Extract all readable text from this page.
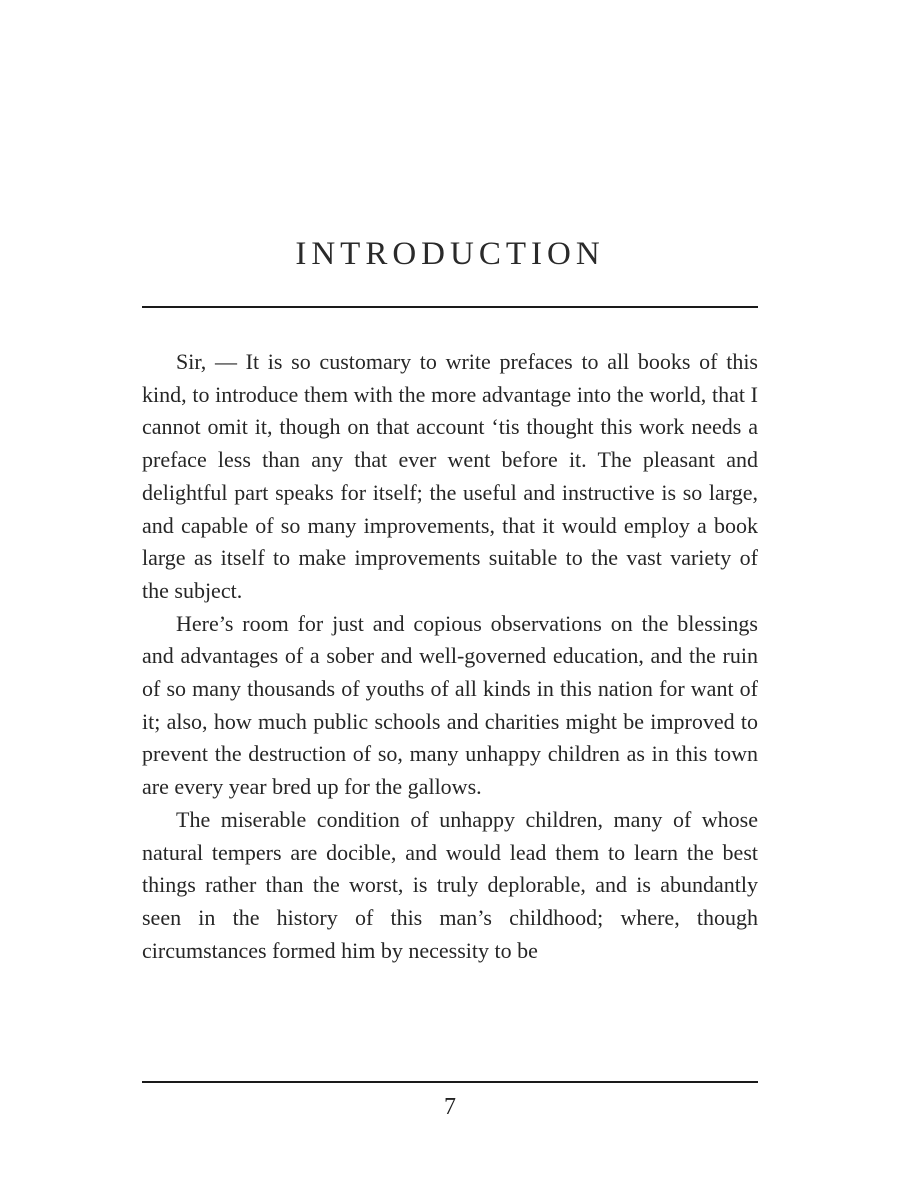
INTRODUCTION

Sir, — It is so customary to write prefaces to all books of this kind, to introduce them with the more advantage into the world, that I cannot omit it, though on that account ‘tis thought this work needs a preface less than any that ever went before it. The pleasant and delightful part speaks for itself; the useful and instructive is so large, and capable of so many improvements, that it would employ a book large as itself to make improvements suitable to the vast variety of the subject.

Here’s room for just and copious observations on the blessings and advantages of a sober and well-governed education, and the ruin of so many thousands of youths of all kinds in this nation for want of it; also, how much public schools and charities might be improved to prevent the destruction of so, many unhappy children as in this town are every year bred up for the gallows.

The miserable condition of unhappy children, many of whose natural tempers are docible, and would lead them to learn the best things rather than the worst, is truly deplorable, and is abundantly seen in the history of this man’s childhood; where, though circumstances formed him by necessity to be

7
